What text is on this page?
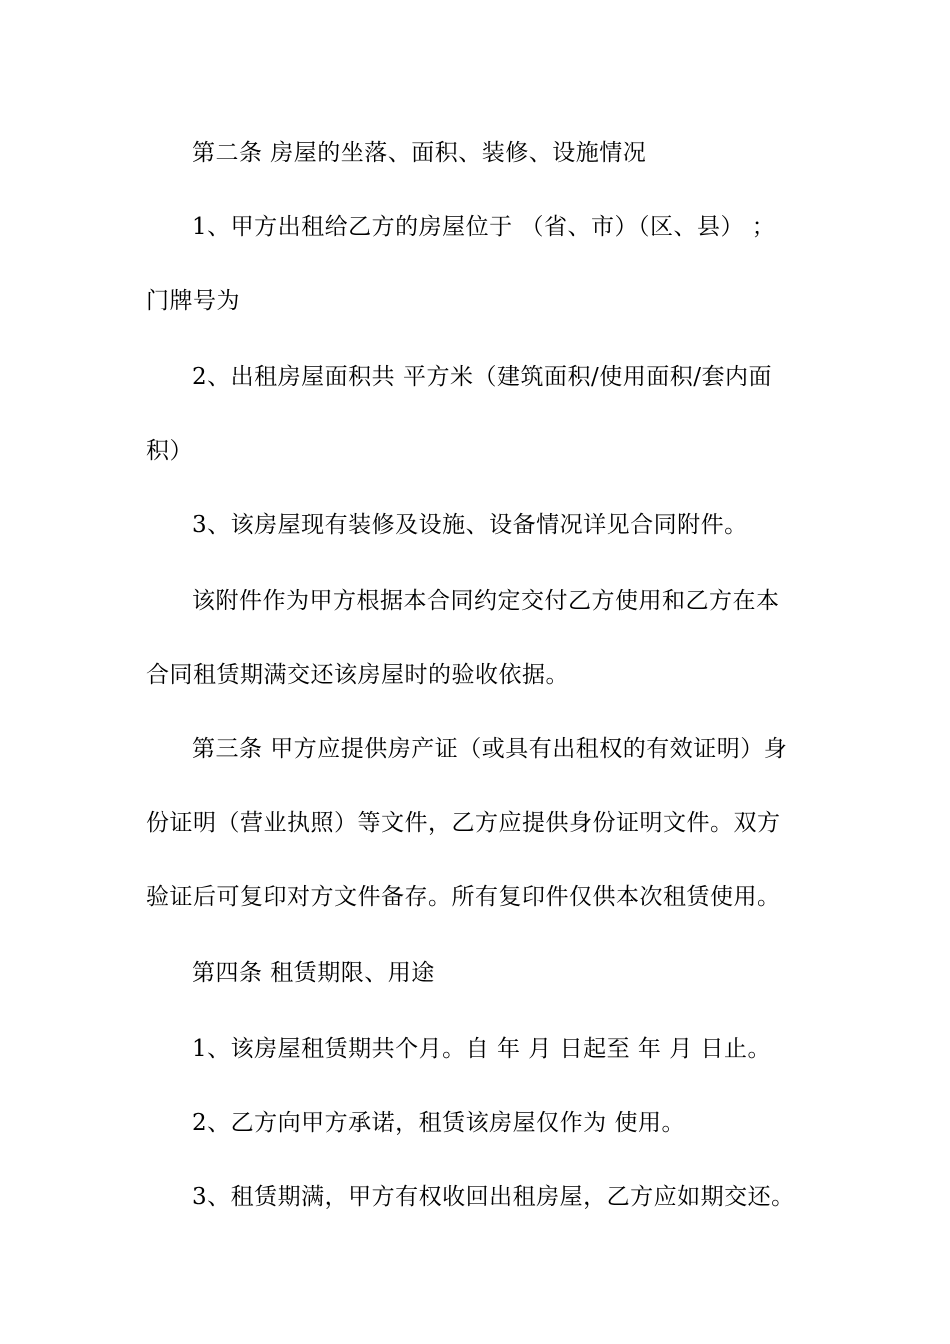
第二条 房屋的坐落、面积、装修、设施情况
1、甲方出租给乙方的房屋位于 （省、市）（区、县） ；
门牌号为
2、出租房屋面积共 平方米（建筑面积/使用面积/套内面
积）
3、该房屋现有装修及设施、设备情况详见合同附件。
该附件作为甲方根据本合同约定交付乙方使用和乙方在本
合同租赁期满交还该房屋时的验收依据。
第三条 甲方应提供房产证（或具有出租权的有效证明）身
份证明（营业执照）等文件，乙方应提供身份证明文件。双方
验证后可复印对方文件备存。所有复印件仅供本次租赁使用。
第四条 租赁期限、用途
1、该房屋租赁期共个月。自 年 月 日起至 年 月 日止。
2、乙方向甲方承诺，租赁该房屋仅作为 使用。
3、租赁期满，甲方有权收回出租房屋，乙方应如期交还。
